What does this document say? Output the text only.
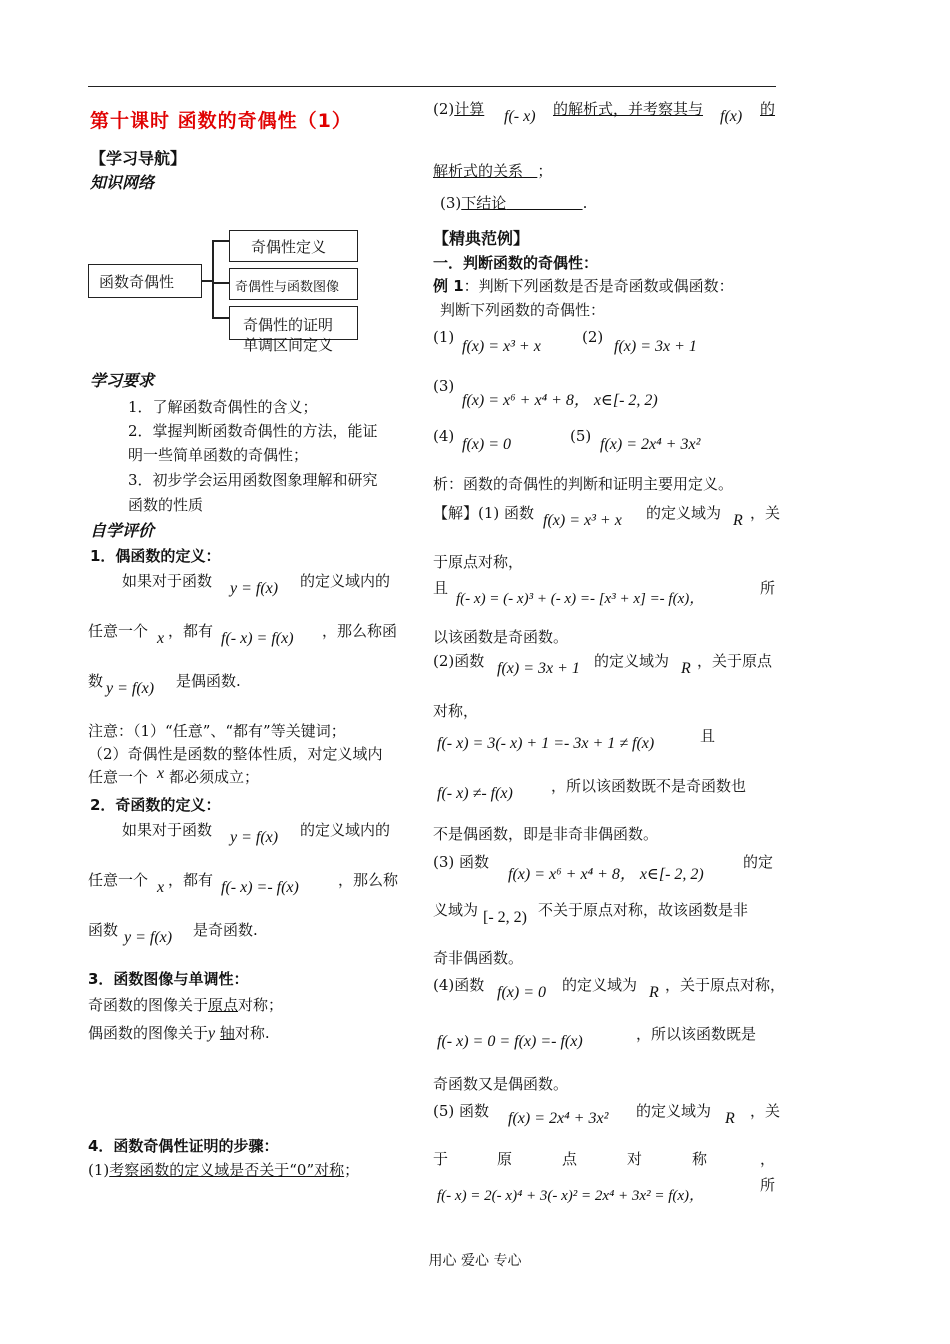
第十课时 函数的奇偶性（1）
【学习导航】
知识网络
函数奇偶性
奇偶性定义
奇偶性与函数图像
奇偶性的证明
单调区间定义
学习要求
1．了解函数奇偶性的含义；
2．掌握判断函数奇偶性的方法，能证
明一些简单函数的奇偶性；
3．初步学会运用函数图象理解和研究
函数的性质
自学评价
1．偶函数的定义：
如果对于函数 y = f(x) 的定义域内的
任意一个 x ，都有 f(- x) = f(x) ，那么称函
数 y = f(x) 是偶函数.
注意：（1）“任意”、“都有”等关键词；
（2）奇偶性是函数的整体性质，对定义域内
任意一个 x 都必须成立；
2．奇函数的定义：
如果对于函数 y = f(x) 的定义域内的
任意一个 x ，都有 f(- x) =- f(x)	，那么称
函数 y = f(x) 是奇函数.
3．函数图像与单调性：
奇函数的图像关于原点对称；
偶函数的图像关于y 轴对称.
4．函数奇偶性证明的步骤：
(1)考察函数的定义域是否关于“0”对称；
(2)计算 f(- x) 的解析式，并考察其与 f(x) 的
解析式的关系 ；
(3)下结论	.
【精典范例】
一．判断函数的奇偶性：
例 1：判断下列函数是否是奇函数或偶函数：
判断下列函数的奇偶性：
(1)
f(x) = x³ + x
(2)
f(x) = 3x + 1
(3)
f(x) = x⁶ + x⁴ + 8， x∈[- 2, 2)
(4) f(x) = 0	(5) f(x) = 2x⁴ + 3x²
析：函数的奇偶性的判断和证明主要用定义。
【解】(1) 函数 f(x) = x³ + x 的定义域为 R ，关
于原点对称，
且
f(- x) = (- x)³ + (- x) =- [x³ + x] =- f(x)，
所
以该函数是奇函数。
(2)函数 f(x) = 3x + 1 的定义域为 R ，关于原点
对称，
f(- x) = 3(- x) + 1 =- 3x + 1 ≠ f(x)	且
f(- x) ≠- f(x)	，所以该函数既不是奇函数也
不是偶函数，即是非奇非偶函数。
(3) 函数
f(x) = x⁶ + x⁴ + 8， x∈[- 2, 2)
的定
义域为 [- 2, 2) 不关于原点对称，故该函数是非
奇非偶函数。
(4)函数 f(x) = 0 的定义域为 R ，关于原点对称，
f(- x) = 0 = f(x) =- f(x)	，所以该函数既是
奇函数又是偶函数。
(5) 函数 f(x) = 2x⁴ + 3x² 的定义域为 R ，关
于	原	点	对	称	，
f(- x) = 2(- x)⁴ + 3(- x)² = 2x⁴ + 3x² = f(x)，
所
用心 爱心 专心
